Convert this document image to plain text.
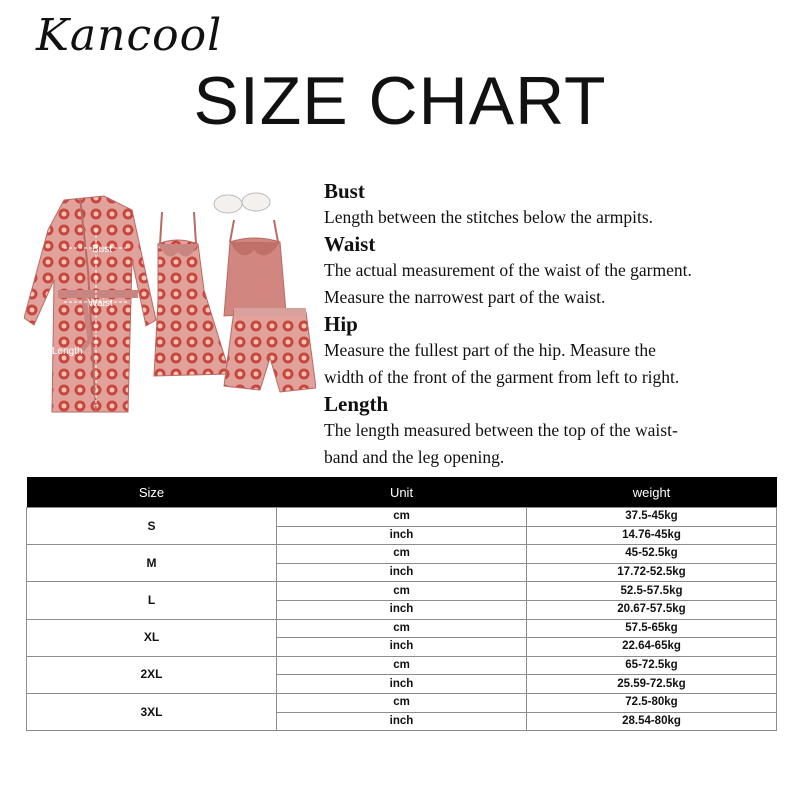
Kancool
SIZE CHART
Bust
Waist
Length

Bust

Length between the stitches below the armpits.

Waist

The actual measurement of the waist of the garment.

Measure the narrowest part of the waist.

Hip

Measure the fullest part of the hip. Measure the

width of the front of the garment from left to right.

Length

The length measured between the top of the waist-

band and the leg opening.

Size	Unit	weight
S	cm	37.5-45kg
	inch	14.76-45kg
M	cm	45-52.5kg
	inch	17.72-52.5kg
L	cm	52.5-57.5kg
	inch	20.67-57.5kg
XL	cm	57.5-65kg
	inch	22.64-65kg
2XL	cm	65-72.5kg
	inch	25.59-72.5kg
3XL	cm	72.5-80kg
	inch	28.54-80kg
